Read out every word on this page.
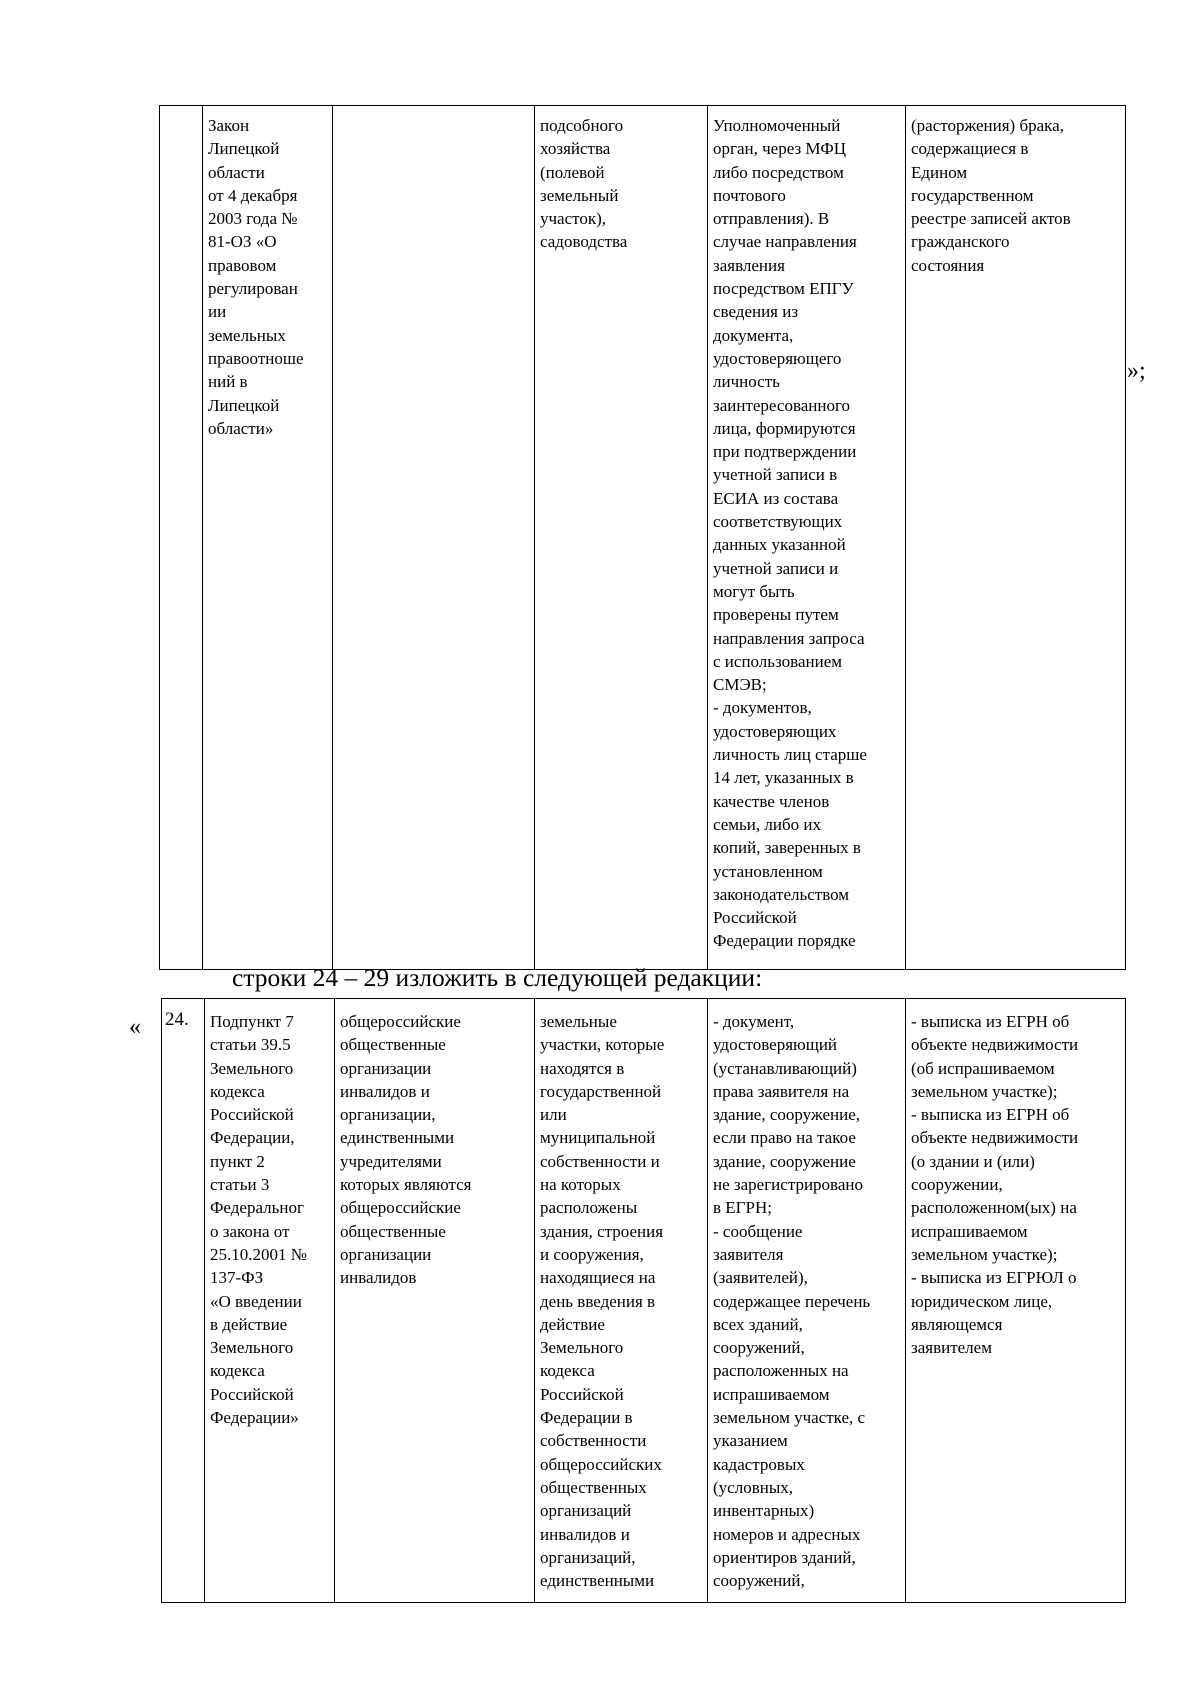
	Закон
Липецкой
области
от 4 декабря
2003 года №
81-ОЗ «О
правовом
регулирован
ии
земельных
правоотноше
ний в
Липецкой
области»		подсобного
хозяйства
(полевой
земельный
участок),
садоводства	Уполномоченный
орган, через МФЦ
либо посредством
почтового
отправления). В
случае направления
заявления
посредством ЕПГУ
сведения из
документа,
удостоверяющего
личность
заинтересованного
лица, формируются
при подтверждении
учетной записи в
ЕСИА из состава
соответствующих
данных указанной
учетной записи и
могут быть
проверены путем
направления запроса
с использованием
СМЭВ;
- документов,
удостоверяющих
личность лиц старше
14 лет, указанных в
качестве членов
семьи, либо их
копий, заверенных в
установленном
законодательством
Российской
Федерации порядке	(расторжения) брака,
содержащиеся в
Едином
государственном
реестре записей актов
гражданского
состояния
»;
строки 24 – 29 изложить в следующей редакции:
« 24.	Подпункт 7
статьи 39.5
Земельного
кодекса
Российской
Федерации,
пункт 2
статьи 3
Федеральног
о закона от
25.10.2001 №
137-ФЗ
«О введении
в действие
Земельного
кодекса
Российской
Федерации»	общероссийские
общественные
организации
инвалидов и
организации,
единственными
учредителями
которых являются
общероссийские
общественные
организации
инвалидов	земельные
участки, которые
находятся в
государственной
или
муниципальной
собственности и
на которых
расположены
здания, строения
и сооружения,
находящиеся на
день введения в
действие
Земельного
кодекса
Российской
Федерации в
собственности
общероссийских
общественных
организаций
инвалидов и
организаций,
единственными	- документ,
удостоверяющий
(устанавливающий)
права заявителя на
здание, сооружение,
если право на такое
здание, сооружение
не зарегистрировано
в ЕГРН;
- сообщение
заявителя
(заявителей),
содержащее перечень
всех зданий,
сооружений,
расположенных на
испрашиваемом
земельном участке, с
указанием
кадастровых
(условных,
инвентарных)
номеров и адресных
ориентиров зданий,
сооружений,	- выписка из ЕГРН об
объекте недвижимости
(об испрашиваемом
земельном участке);
- выписка из ЕГРН об
объекте недвижимости
(о здании и (или)
сооружении,
расположенном(ых) на
испрашиваемом
земельном участке);
- выписка из ЕГРЮЛ о
юридическом лице,
являющемся
заявителем
